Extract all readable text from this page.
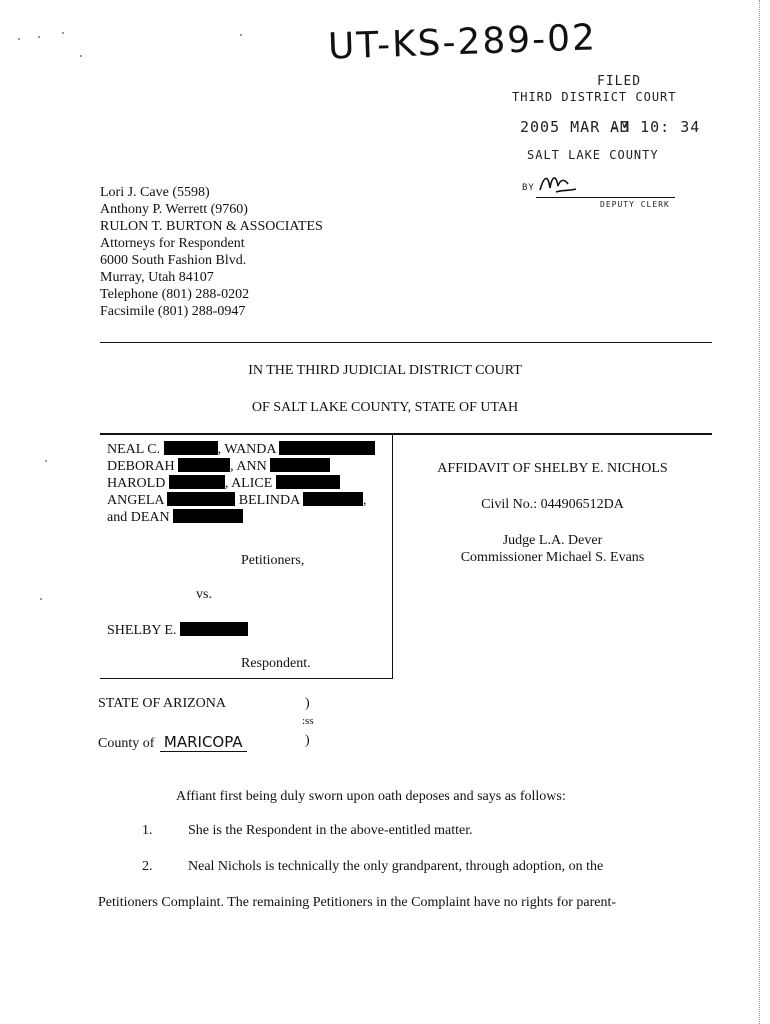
UT-KS-289-02
FILED
THIRD DISTRICT COURT
2005 MAR -3
AM 10: 34
SALT LAKE COUNTY
BY
DEPUTY CLERK
Lori J. Cave (5598)
Anthony P. Werrett (9760)
RULON T. BURTON & ASSOCIATES
Attorneys for Respondent
6000 South Fashion Blvd.
Murray, Utah 84107
Telephone (801) 288-0202
Facsimile (801) 288-0947
IN THE THIRD JUDICIAL DISTRICT COURT
OF SALT LAKE COUNTY, STATE OF UTAH
NEAL C.	, WANDA
DEBORAH	, ANN
HAROLD	, ALICE
ANGELA	BELINDA	,
and DEAN
Petitioners,
vs.
SHELBY E.
Respondent.
AFFIDAVIT OF SHELBY E. NICHOLS
Civil No.: 044906512DA
Judge L.A. Dever
Commissioner Michael S. Evans
STATE OF ARIZONA	)
:ss
)
County of MARICOPA
Affiant first being duly sworn upon oath deposes and says as follows:
1.	She is the Respondent in the above-entitled matter.
2.	Neal Nichols is technically the only grandparent, through adoption, on the
Petitioners Complaint. The remaining Petitioners in the Complaint have no rights for parent-
